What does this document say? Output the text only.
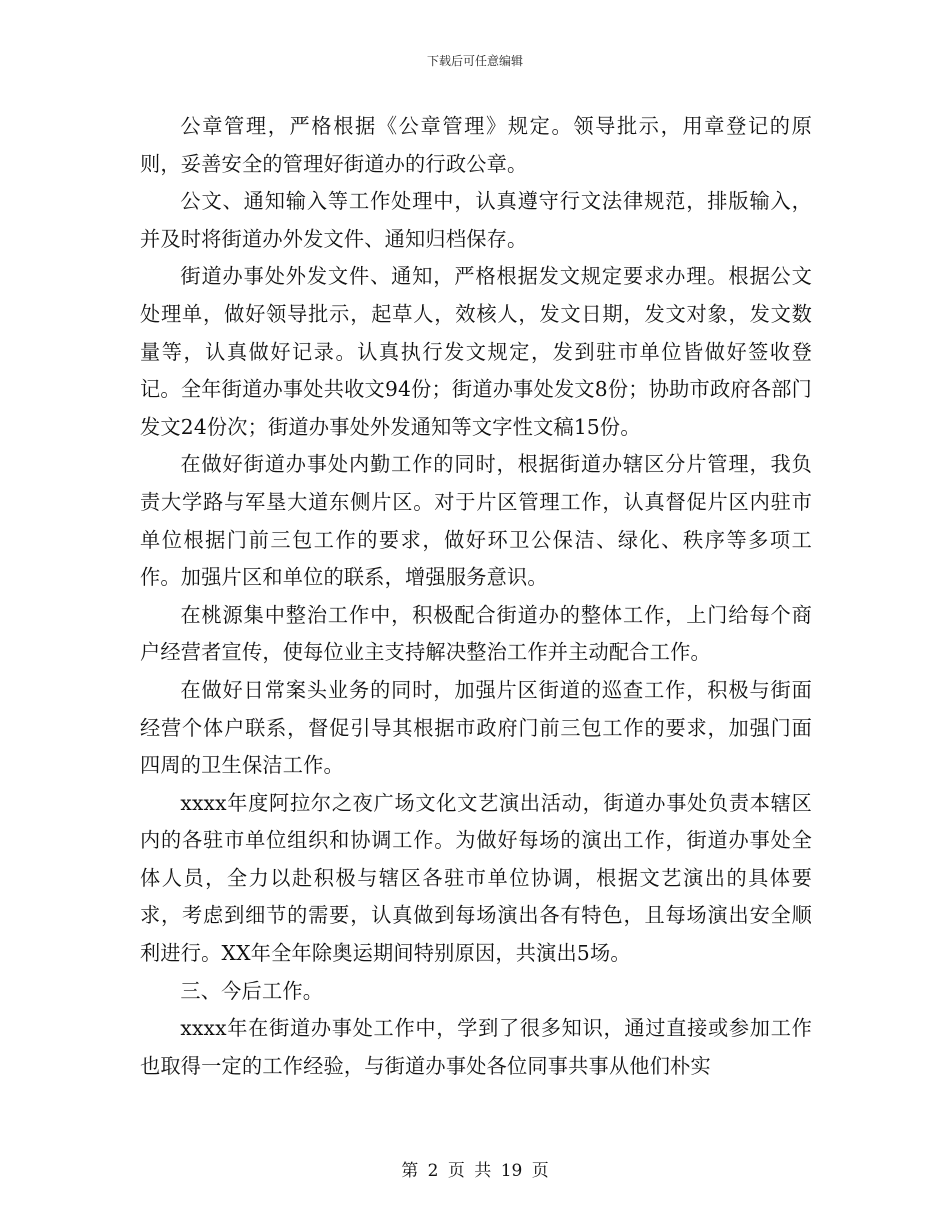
下载后可任意编辑

公章管理，严格根据《公章管理》规定。领导批示，用章登记的原则，妥善安全的管理好街道办的行政公章。

公文、通知输入等工作处理中，认真遵守行文法律规范，排版输入，并及时将街道办外发文件、通知归档保存。

街道办事处外发文件、通知，严格根据发文规定要求办理。根据公文处理单，做好领导批示，起草人，效核人，发文日期，发文对象，发文数量等，认真做好记录。认真执行发文规定，发到驻市单位皆做好签收登记。全年街道办事处共收文94份；街道办事处发文8份；协助市政府各部门发文24份次；街道办事处外发通知等文字性文稿15份。

在做好街道办事处内勤工作的同时，根据街道办辖区分片管理，我负责大学路与军垦大道东侧片区。对于片区管理工作，认真督促片区内驻市单位根据门前三包工作的要求，做好环卫公保洁、绿化、秩序等多项工作。加强片区和单位的联系，增强服务意识。

在桃源集中整治工作中，积极配合街道办的整体工作，上门给每个商户经营者宣传，使每位业主支持解决整治工作并主动配合工作。

在做好日常案头业务的同时，加强片区街道的巡查工作，积极与街面经营个体户联系，督促引导其根据市政府门前三包工作的要求，加强门面四周的卫生保洁工作。

xxxx年度阿拉尔之夜广场文化文艺演出活动，街道办事处负责本辖区内的各驻市单位组织和协调工作。为做好每场的演出工作，街道办事处全体人员，全力以赴积极与辖区各驻市单位协调，根据文艺演出的具体要求，考虑到细节的需要，认真做到每场演出各有特色，且每场演出安全顺利进行。XX年全年除奥运期间特别原因，共演出5场。

三、今后工作。

xxxx年在街道办事处工作中，学到了很多知识，通过直接或参加工作也取得一定的工作经验，与街道办事处各位同事共事从他们朴实

第 2 页 共 19 页
